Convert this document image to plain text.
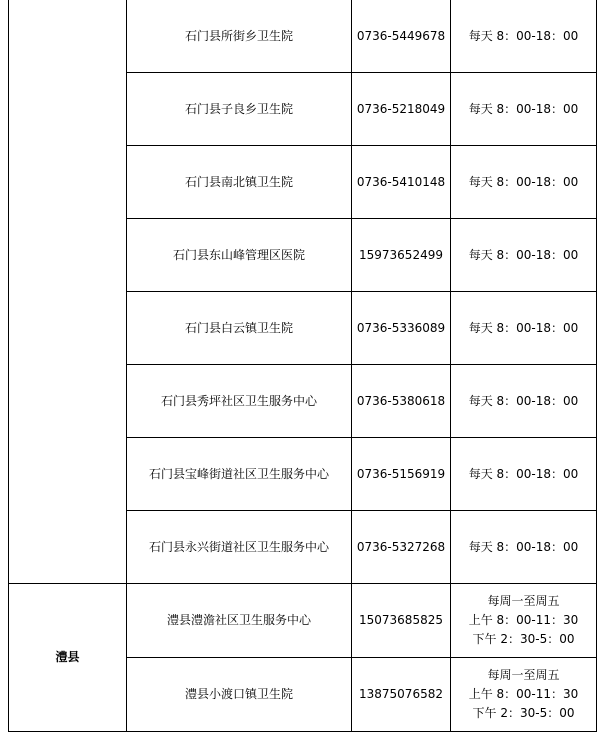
	石门县所街乡卫生院	0736-5449678	每天 8：00-18：00
	石门县子良乡卫生院	0736-5218049	每天 8：00-18：00
	石门县南北镇卫生院	0736-5410148	每天 8：00-18：00
	石门县东山峰管理区医院	15973652499	每天 8：00-18：00
	石门县白云镇卫生院	0736-5336089	每天 8：00-18：00
	石门县秀坪社区卫生服务中心	0736-5380618	每天 8：00-18：00
	石门县宝峰街道社区卫生服务中心	0736-5156919	每天 8：00-18：00
	石门县永兴街道社区卫生服务中心	0736-5327268	每天 8：00-18：00
澧县	澧县澧澹社区卫生服务中心	15073685825	每周一至周五
上午 8：00-11：30
下午 2：30-5：00

	澧县小渡口镇卫生院	13875076582	每周一至周五
上午 8：00-11：30
下午 2：30-5：00
